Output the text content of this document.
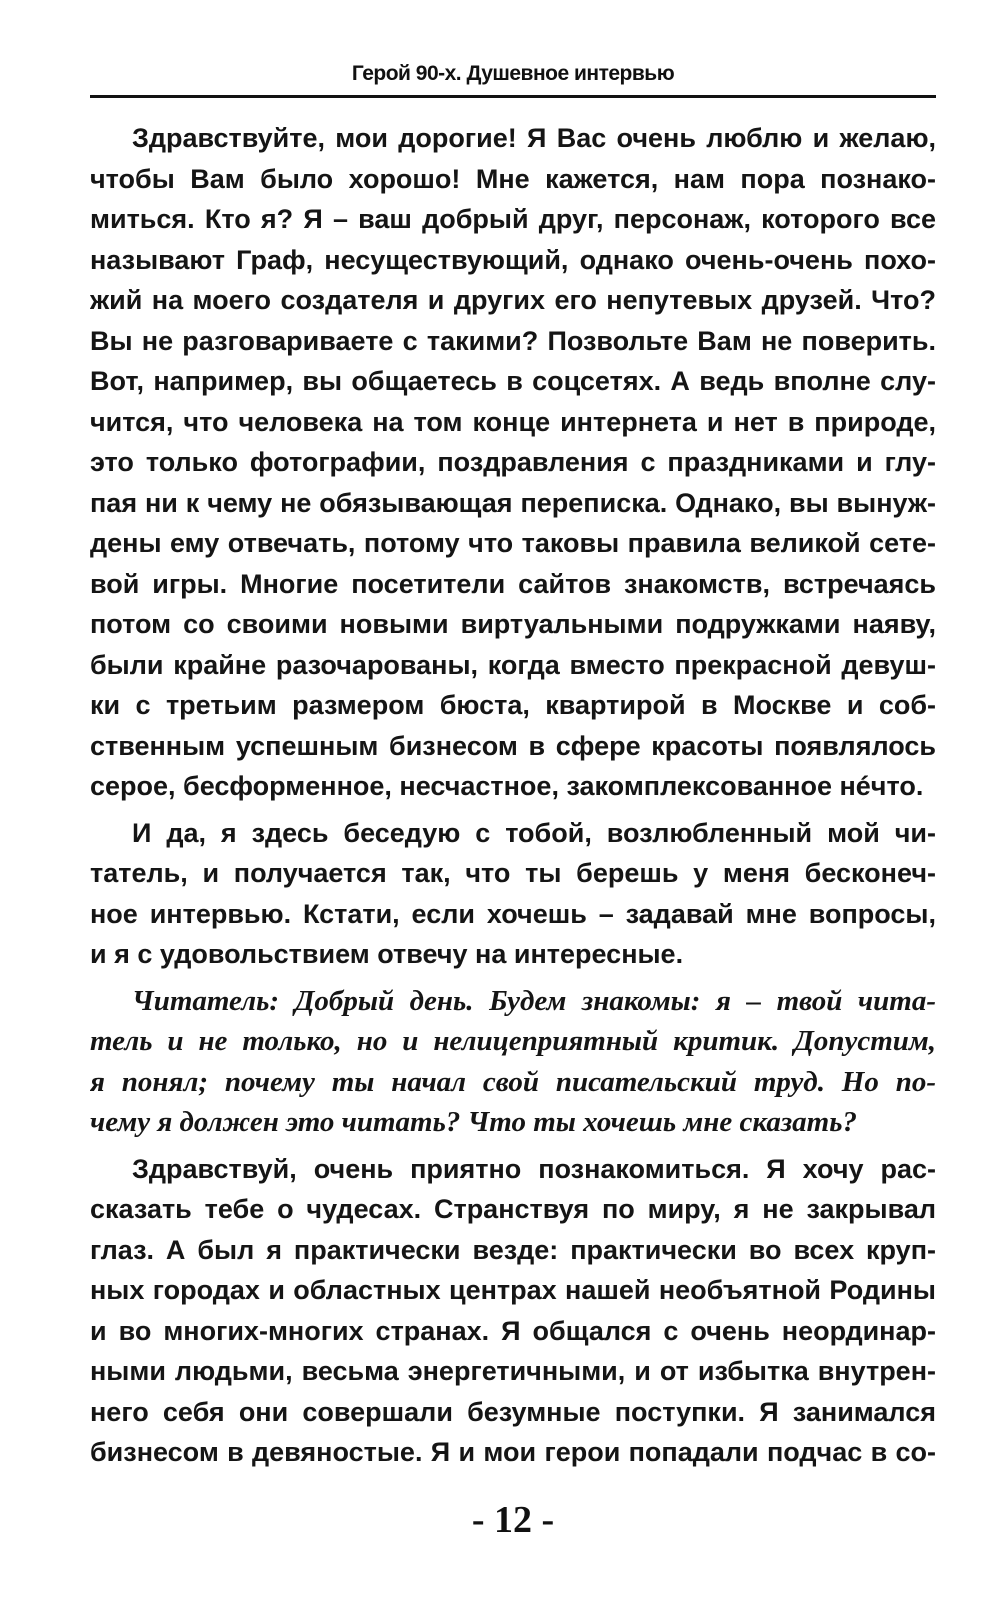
Герой 90-х. Душевное интервью

Здравствуйте, мои дорогие! Я Вас очень люблю и желаю,
чтобы Вам было хорошо! Мне кажется, нам пора познако-
миться. Кто я? Я – ваш добрый друг, персонаж, которого все
называют Граф, несуществующий, однако очень-очень похо-
жий на моего создателя и других его непутевых друзей. Что?
Вы не разговариваете с такими? Позвольте Вам не поверить.
Вот, например, вы общаетесь в соцсетях. А ведь вполне слу-
чится, что человека на том конце интернета и нет в природе,
это только фотографии, поздравления с праздниками и глу-
пая ни к чему не обязывающая переписка. Однако, вы вынуж-
дены ему отвечать, потому что таковы правила великой сете-
вой игры. Многие посетители сайтов знакомств, встречаясь
потом со своими новыми виртуальными подружками наяву,
были крайне разочарованы, когда вместо прекрасной девуш-
ки с третьим размером бюста, квартирой в Москве и соб-
ственным успешным бизнесом в сфере красоты появлялось
серое, бесформенное, несчастное, закомплексованное нéчто.

И да, я здесь беседую с тобой, возлюбленный мой чи-
татель, и получается так, что ты берешь у меня бесконеч-
ное интервью. Кстати, если хочешь – задавай мне вопросы,
и я с удовольствием отвечу на интересные.

Читатель: Добрый день. Будем знакомы: я – твой чита-
тель и не только, но и нелицеприятный критик. Допустим,
я понял; почему ты начал свой писательский труд. Но по-
чему я должен это читать? Что ты хочешь мне сказать?

Здравствуй, очень приятно познакомиться. Я хочу рас-
сказать тебе о чудесах. Странствуя по миру, я не закрывал
глаз. А был я практически везде: практически во всех круп-
ных городах и областных центрах нашей необъятной Родины
и во многих-многих странах. Я общался с очень неординар-
ными людьми, весьма энергетичными, и от избытка внутрен-
него себя они совершали безумные поступки. Я занимался
бизнесом в девяностые. Я и мои герои попадали подчас в со-

- 12 -
